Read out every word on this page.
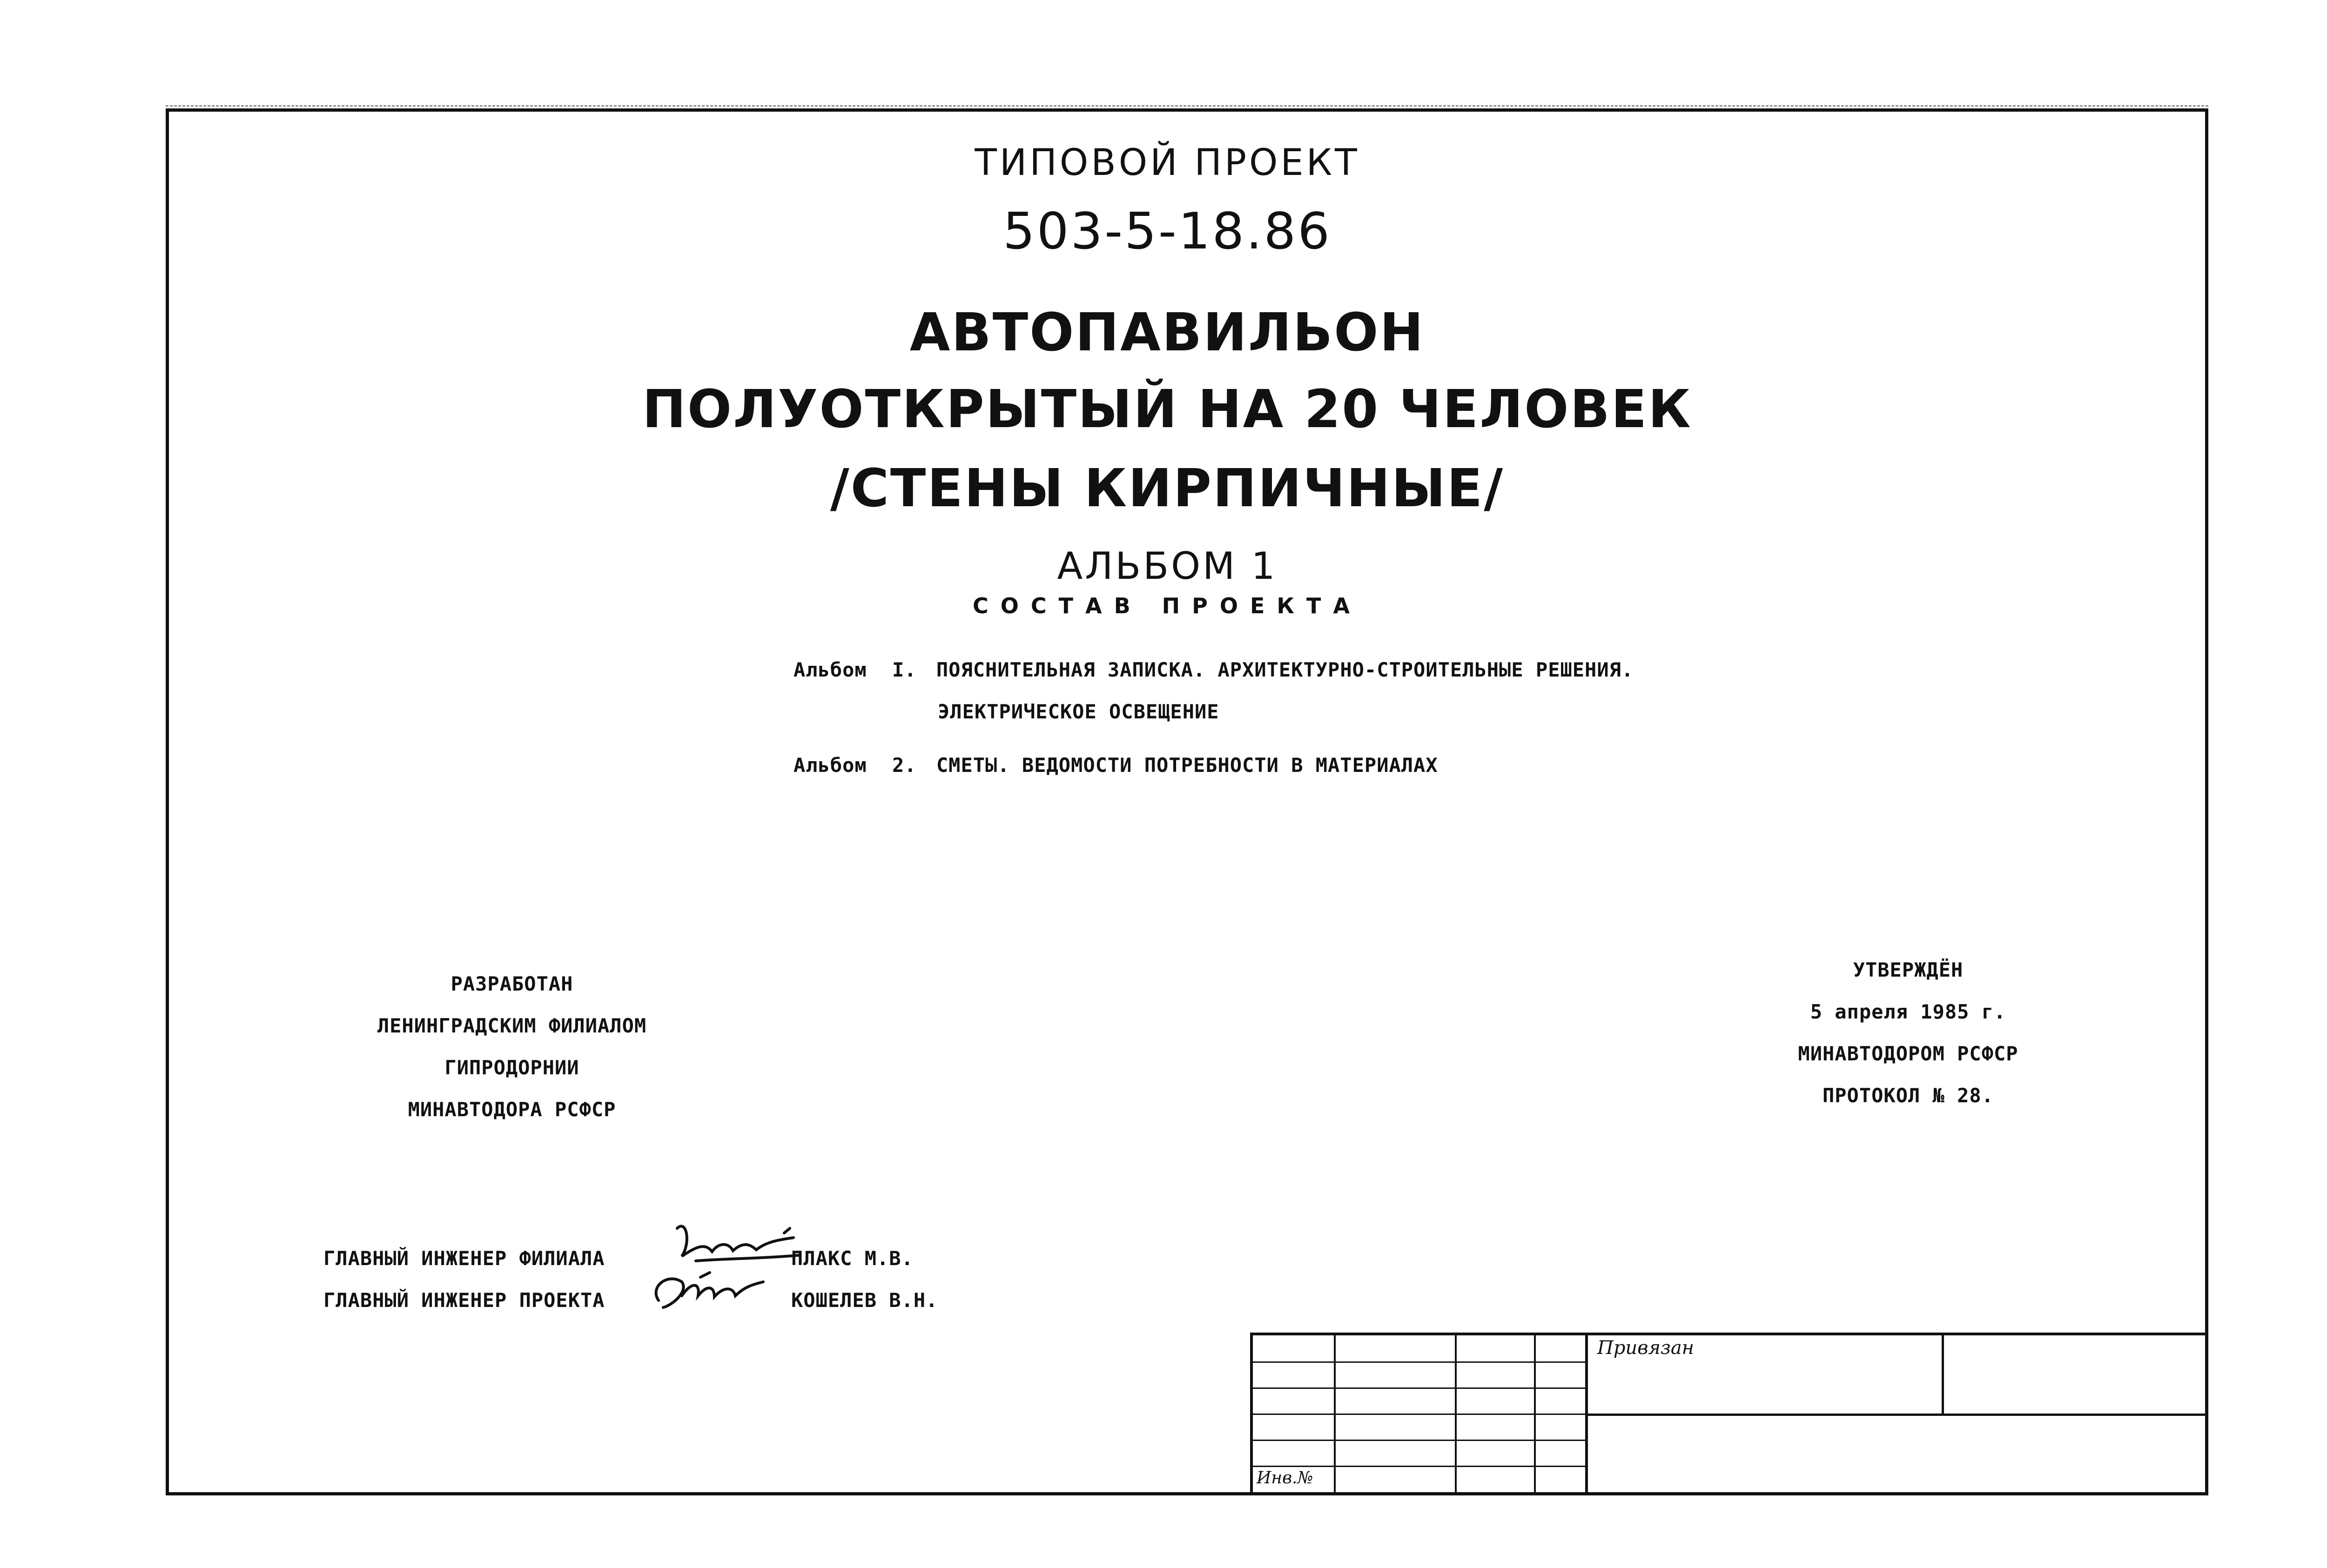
ТИПОВОЙ ПРОЕКТ
503-5-18.86
АВТОПАВИЛЬОН
ПОЛУОТКРЫТЫЙ НА 20 ЧЕЛОВЕК
/СТЕНЫ КИРПИЧНЫЕ/
АЛЬБОМ 1
СОСТАВ ПРОЕКТА
Альбом I. ПОЯСНИТЕЛЬНАЯ ЗАПИСКА. АРХИТЕКТУРНО-СТРОИТЕЛЬНЫЕ РЕШЕНИЯ.
ЭЛЕКТРИЧЕСКОЕ ОСВЕЩЕНИЕ
Альбом 2. СМЕТЫ. ВЕДОМОСТИ ПОТРЕБНОСТИ В МАТЕРИАЛАХ
РАЗРАБОТАН
ЛЕНИНГРАДСКИМ ФИЛИАЛОМ
ГИПРОДОРНИИ
МИНАВТОДОРА РСФСР
УТВЕРЖДЁН
5 апреля 1985 г.
МИНАВТОДОРОМ РСФСР
ПРОТОКОЛ № 28.
ГЛАВНЫЙ ИНЖЕНЕР ФИЛИАЛА	ПЛАКС М.В.
ГЛАВНЫЙ ИНЖЕНЕР ПРОЕКТА	КОШЕЛЕВ В.Н.
Привязан
Инв.№
